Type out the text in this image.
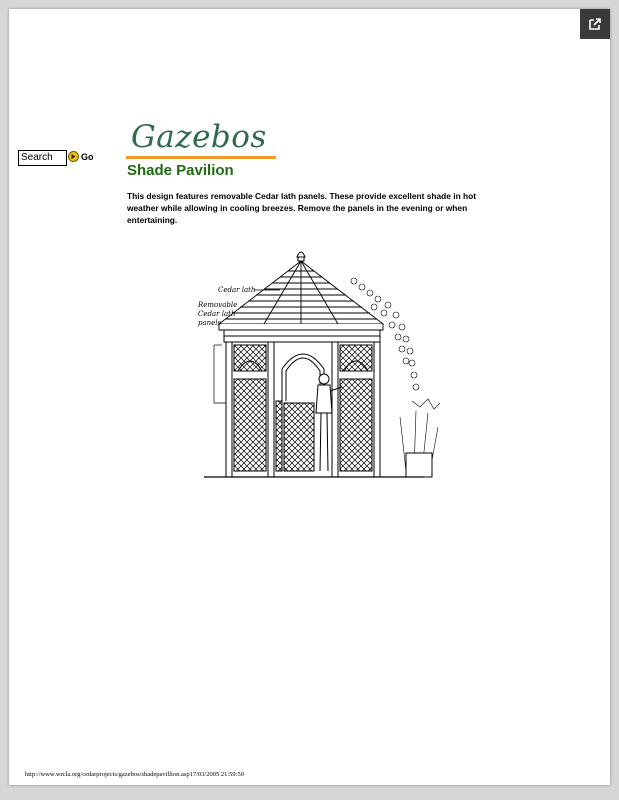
Search
Go
Gazebos
Shade Pavilion
This design features removable Cedar lath panels. These provide excellent shade in hot weather while allowing in cooling breezes. Remove the panels in the evening or when entertaining.
Cedar lath
Removable
Cedar lath
panels
http://www.wrcla.org/cedarprojects/gazebos/shadepavillion.asp17/03/2005 21:59:50
